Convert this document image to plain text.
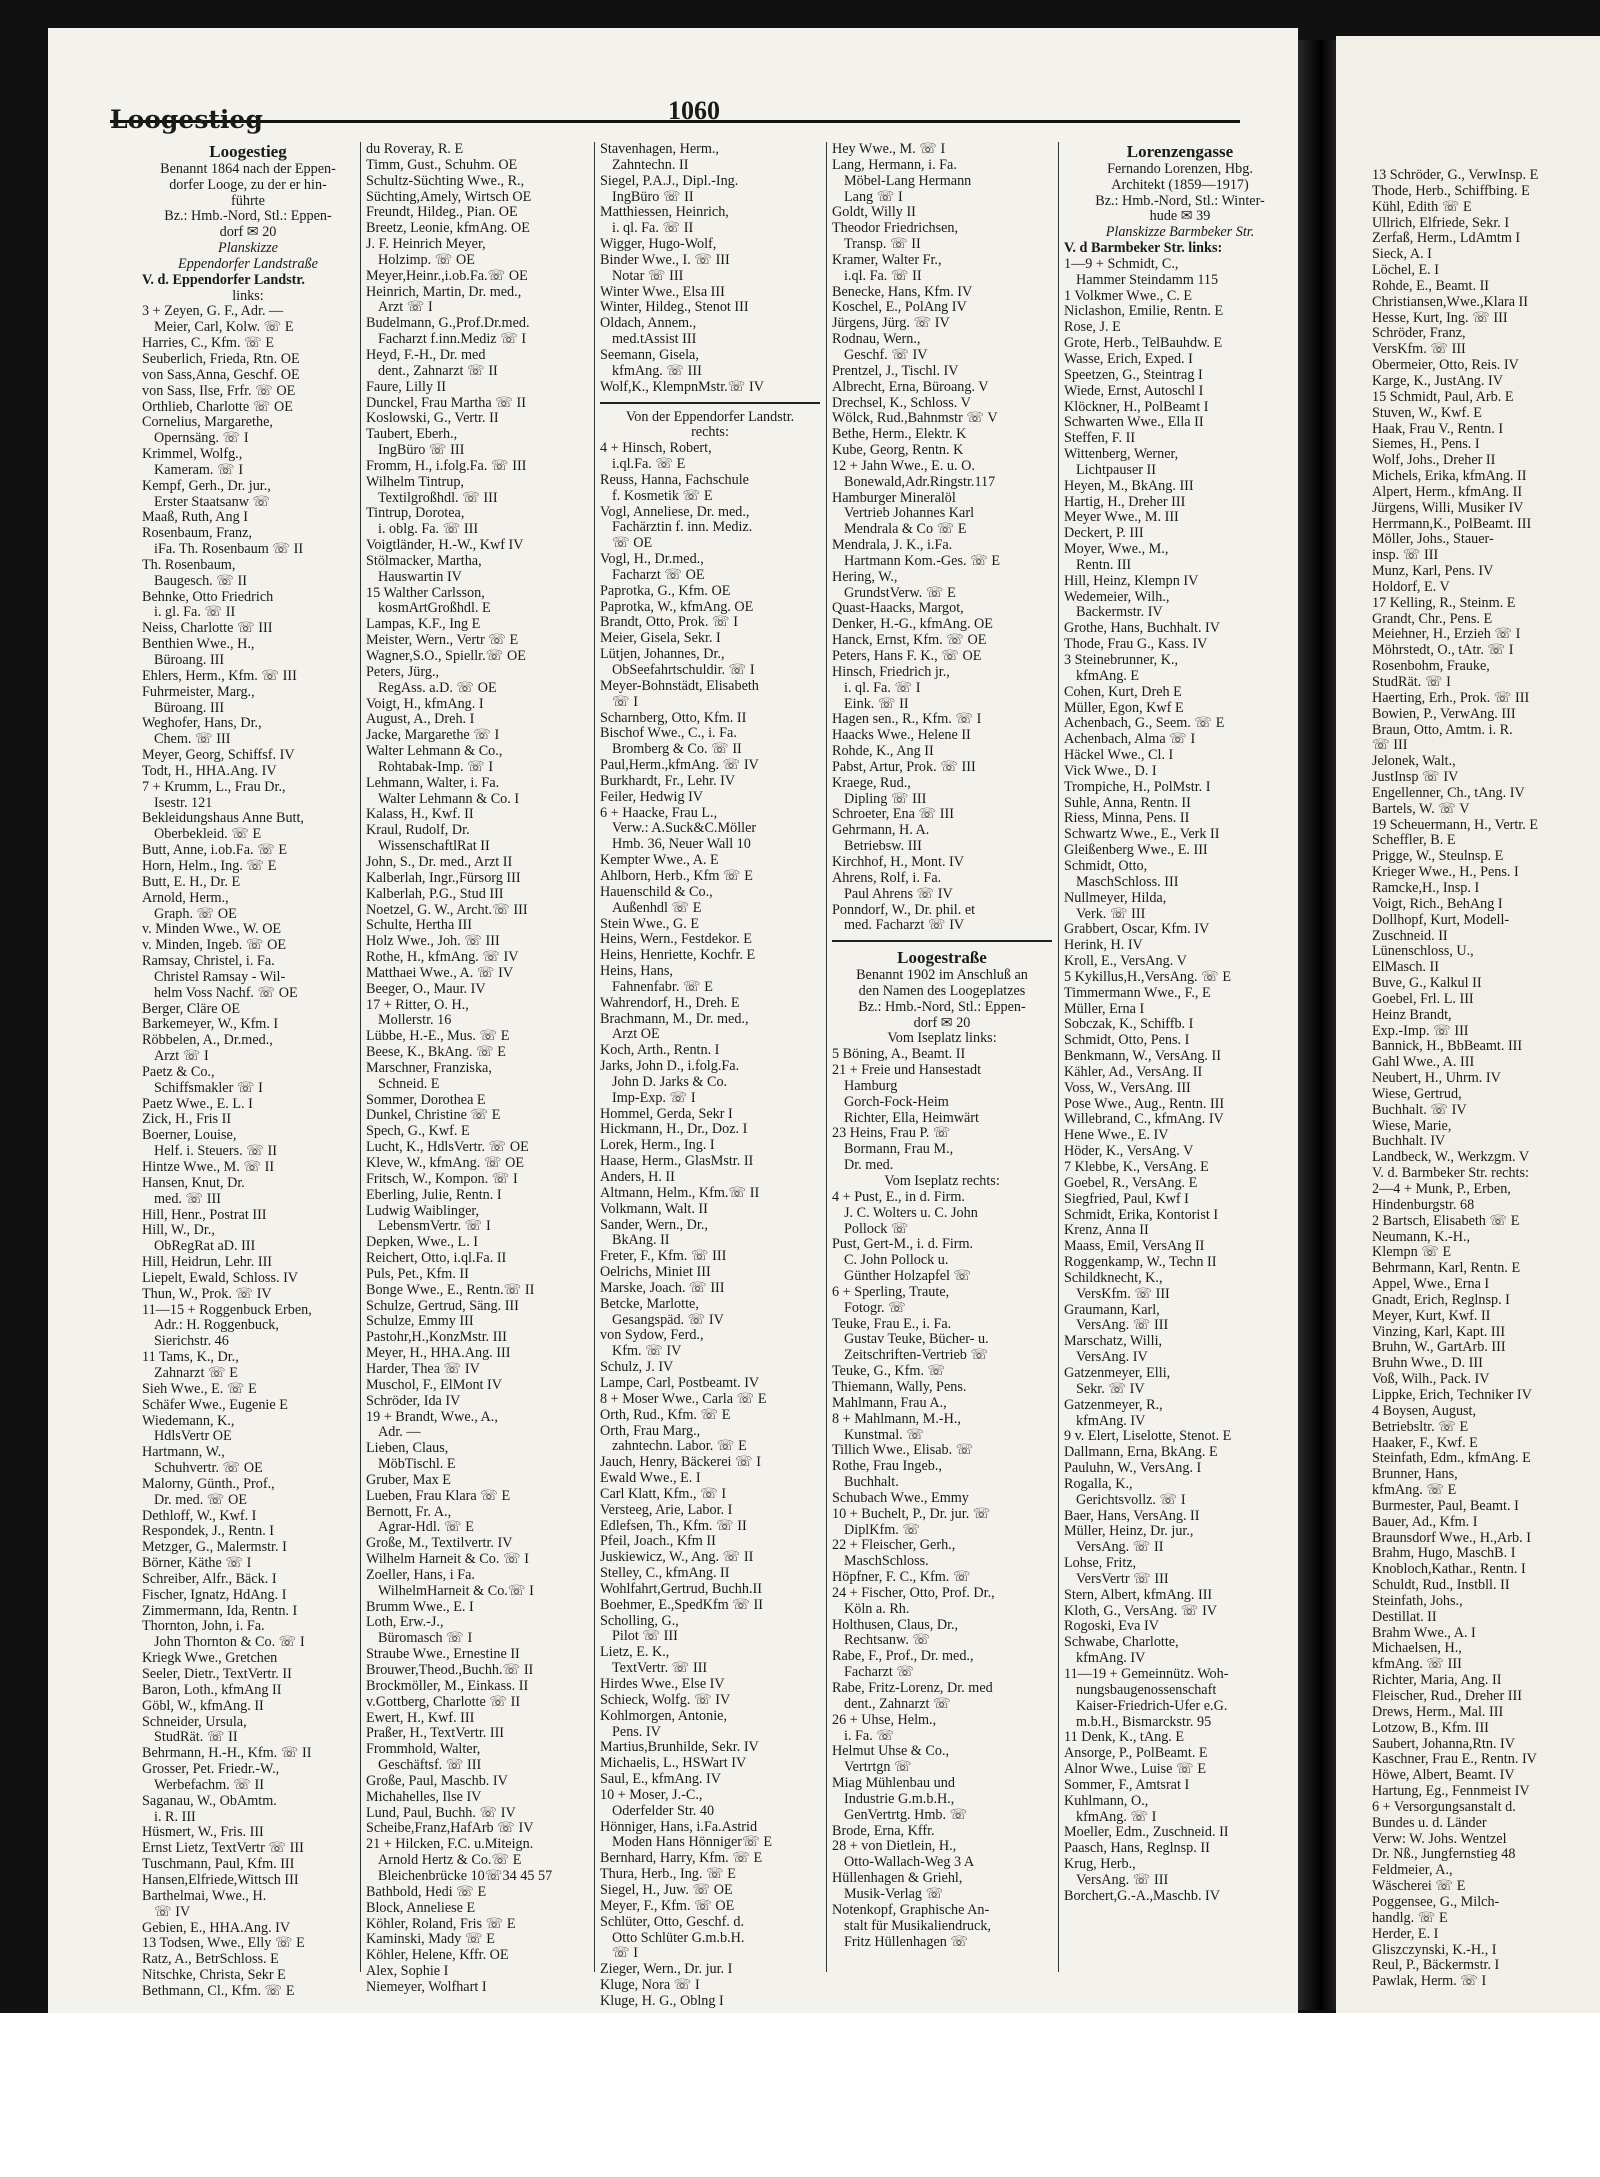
13 Schröder, G., VerwInsp. E
Thode, Herb., Schiffbing. E
Kühl, Edith ☏ E
Ullrich, Elfriede, Sekr. I
Zerfaß, Herm., LdAmtm I
Sieck, A. I
Löchel, E. I
Rohde, E., Beamt. II
Christiansen,Wwe.,Klara II
Hesse, Kurt, Ing. ☏ III
Schröder, Franz,
VersKfm. ☏ III
Obermeier, Otto, Reis. IV
Karge, K., JustAng. IV
15 Schmidt, Paul, Arb. E
Stuven, W., Kwf. E
Haak, Frau V., Rentn. I
Siemes, H., Pens. I
Wolf, Johs., Dreher II
Michels, Erika, kfmAng. II
Alpert, Herm., kfmAng. II
Jürgens, Willi, Musiker IV
Herrmann,K., PolBeamt. III
Möller, Johs., Stauer-
insp. ☏ III
Munz, Karl, Pens. IV
Holdorf, E. V
17 Kelling, R., Steinm. E
Grandt, Chr., Pens. E
Meiehner, H., Erzieh ☏ I
Möhrstedt, O., tAtr. ☏ I
Rosenbohm, Frauke,
StudRät. ☏ I
Haerting, Erh., Prok. ☏ III
Bowien, P., VerwAng. III
Braun, Otto, Amtm. i. R.
☏ III
Jelonek, Walt.,
JustInsp ☏ IV
Engellenner, Ch., tAng. IV
Bartels, W. ☏ V
19 Scheuermann, H., Vertr. E
Scheffler, B. E
Prigge, W., Steulnsp. E
Krieger Wwe., H., Pens. I
Ramcke,H., Insp. I
Voigt, Rich., BehAng I
Dollhopf, Kurt, Modell-
Zuschneid. II
Lünenschloss, U.,
ElMasch. II
Buve, G., Kalkul II
Goebel, Frl. L. III
Heinz Brandt,
Exp.-Imp. ☏ III
Bannick, H., BbBeamt. III
Gahl Wwe., A. III
Neubert, H., Uhrm. IV
Wiese, Gertrud,
Buchhalt. ☏ IV
Wiese, Marie,
Buchhalt. IV
Landbeck, W., Werkzgm. V
V. d. Barmbeker Str. rechts:
2—4 + Munk, P., Erben,
Hindenburgstr. 68
2 Bartsch, Elisabeth ☏ E
Neumann, K.-H.,
Klempn ☏ E
Behrmann, Karl, Rentn. E
Appel, Wwe., Erna I
Gnadt, Erich, Reglnsp. I
Meyer, Kurt, Kwf. II
Vinzing, Karl, Kapt. III
Bruhn, W., GartArb. III
Bruhn Wwe., D. III
Voß, Wilh., Pack. IV
Lippke, Erich, Techniker IV
4 Boysen, August,
Betriebsltr. ☏ E
Haaker, F., Kwf. E
Steinfath, Edm., kfmAng. E
Brunner, Hans,
kfmAng. ☏ E
Burmester, Paul, Beamt. I
Bauer, Ad., Kfm. I
Braunsdorf Wwe., H.,Arb. I
Brahm, Hugo, MaschB. I
Knobloch,Kathar., Rentn. I
Schuldt, Rud., Instbll. II
Steinfath, Johs.,
Destillat. II
Brahm Wwe., A. I
Michaelsen, H.,
kfmAng. ☏ III
Richter, Maria, Ang. II
Fleischer, Rud., Dreher III
Drews, Herm., Mal. III
Lotzow, B., Kfm. III
Saubert, Johanna,Rtn. IV
Kaschner, Frau E., Rentn. IV
Höwe, Albert, Beamt. IV
Hartung, Eg., Fennmeist IV
6 + Versorgungsanstalt d.
Bundes u. d. Länder
Verw: W. Johs. Wentzel
Dr. Nß., Jungfernstieg 48
Feldmeier, A.,
Wäscherei ☏ E
Poggensee, G., Milch-
handlg. ☏ E
Herder, E. I
Gliszczynski, K.-H., I
Reul, P., Bäckermstr. I
Pawlak, Herm. ☏ I
Loogestieg	1060
Loogestieg
Benannt 1864 nach der Eppen-
dorfer Looge, zu der er hin-
führte
Bz.: Hmb.-Nord, Stl.: Eppen-
dorf ✉ 20
Planskizze
Eppendorfer Landstraße
V. d. Eppendorfer Landstr.
links:
3 + Zeyen, G. F., Adr. —
Meier, Carl, Kolw. ☏ E
Harries, C., Kfm. ☏ E
Seuberlich, Frieda, Rtn. OE
von Sass,Anna, Geschf. OE
von Sass, Ilse, Frfr. ☏ OE
Orthlieb, Charlotte ☏ OE
Cornelius, Margarethe,
Opernsäng. ☏ I
Krimmel, Wolfg.,
Kameram. ☏ I
Kempf, Gerh., Dr. jur.,
Erster Staatsanw ☏
Maaß, Ruth, Ang I
Rosenbaum, Franz,
iFa. Th. Rosenbaum ☏ II
Th. Rosenbaum,
Baugesch. ☏ II
Behnke, Otto Friedrich
i. gl. Fa. ☏ II
Neiss, Charlotte ☏ III
Benthien Wwe., H.,
Büroang. III
Ehlers, Herm., Kfm. ☏ III
Fuhrmeister, Marg.,
Büroang. III
Weghofer, Hans, Dr.,
Chem. ☏ III
Meyer, Georg, Schiffsf. IV
Todt, H., HHA.Ang. IV
7 + Krumm, L., Frau Dr.,
Isestr. 121
Bekleidungshaus Anne Butt,
Oberbekleid. ☏ E
Butt, Anne, i.ob.Fa. ☏ E
Horn, Helm., Ing. ☏ E
Butt, E. H., Dr. E
Arnold, Herm.,
Graph. ☏ OE
v. Minden Wwe., W. OE
v. Minden, Ingeb. ☏ OE
Ramsay, Christel, i. Fa.
Christel Ramsay - Wil-
helm Voss Nachf. ☏ OE
Berger, Cläre OE
Barkemeyer, W., Kfm. I
Röbbelen, A., Dr.med.,
Arzt ☏ I
Paetz & Co.,
Schiffsmakler ☏ I
Paetz Wwe., E. L. I
Zick, H., Fris II
Boerner, Louise,
Helf. i. Steuers. ☏ II
Hintze Wwe., M. ☏ II
Hansen, Knut, Dr.
med. ☏ III
Hill, Henr., Postrat III
Hill, W., Dr.,
ObRegRat aD. III
Hill, Heidrun, Lehr. III
Liepelt, Ewald, Schloss. IV
Thun, W., Prok. ☏ IV
11—15 + Roggenbuck Erben,
Adr.: H. Roggenbuck,
Sierichstr. 46
11 Tams, K., Dr.,
Zahnarzt ☏ E
Sieh Wwe., E. ☏ E
Schäfer Wwe., Eugenie E
Wiedemann, K.,
HdlsVertr OE
Hartmann, W.,
Schuhvertr. ☏ OE
Malorny, Günth., Prof.,
Dr. med. ☏ OE
Dethloff, W., Kwf. I
Respondek, J., Rentn. I
Metzger, G., Malermstr. I
Börner, Käthe ☏ I
Schreiber, Alfr., Bäck. I
Fischer, Ignatz, HdAng. I
Zimmermann, Ida, Rentn. I
Thornton, John, i. Fa.
John Thornton & Co. ☏ I
Kriegk Wwe., Gretchen
Seeler, Dietr., TextVertr. II
Baron, Loth., kfmAng II
Göbl, W., kfmAng. II
Schneider, Ursula,
StudRät. ☏ II
Behrmann, H.-H., Kfm. ☏ II
Grosser, Pet. Friedr.-W.,
Werbefachm. ☏ II
Saganau, W., ObAmtm.
i. R. III
Hüsmert, W., Fris. III
Ernst Lietz, TextVertr ☏ III
Tuschmann, Paul, Kfm. III
Hansen,Elfriede,Wittsch III
Barthelmai, Wwe., H.
☏ IV
Gebien, E., HHA.Ang. IV
13 Todsen, Wwe., Elly ☏ E
Ratz, A., BetrSchloss. E
Nitschke, Christa, Sekr E
Bethmann, Cl., Kfm. ☏ E
du Roveray, R. E
Timm, Gust., Schuhm. OE
Schultz-Süchting Wwe., R.,
Süchting,Amely, Wirtsch OE
Freundt, Hildeg., Pian. OE
Breetz, Leonie, kfmAng. OE
J. F. Heinrich Meyer,
Holzimp. ☏ OE
Meyer,Heinr.,i.ob.Fa.☏ OE
Heinrich, Martin, Dr. med.,
Arzt ☏ I
Budelmann, G.,Prof.Dr.med.
Facharzt f.inn.Mediz ☏ I
Heyd, F.-H., Dr. med
dent., Zahnarzt ☏ II
Faure, Lilly II
Dunckel, Frau Martha ☏ II
Koslowski, G., Vertr. II
Taubert, Eberh.,
IngBüro ☏ III
Fromm, H., i.folg.Fa. ☏ III
Wilhelm Tintrup,
Textilgroßhdl. ☏ III
Tintrup, Dorotea,
i. oblg. Fa. ☏ III
Voigtländer, H.-W., Kwf IV
Stölmacker, Martha,
Hauswartin IV
15 Walther Carlsson,
kosmArtGroßhdl. E
Lampas, K.F., Ing E
Meister, Wern., Vertr ☏ E
Wagner,S.O., Spiellr.☏ OE
Peters, Jürg.,
RegAss. a.D. ☏ OE
Voigt, H., kfmAng. I
August, A., Dreh. I
Jacke, Margarethe ☏ I
Walter Lehmann & Co.,
Rohtabak-Imp. ☏ I
Lehmann, Walter, i. Fa.
Walter Lehmann & Co. I
Kalass, H., Kwf. II
Kraul, Rudolf, Dr.
WissenschaftlRat II
John, S., Dr. med., Arzt II
Kalberlah, Ingr.,Fürsorg III
Kalberlah, P.G., Stud III
Noetzel, G. W., Archt.☏ III
Schulte, Hertha III
Holz Wwe., Joh. ☏ III
Rothe, H., kfmAng. ☏ IV
Matthaei Wwe., A. ☏ IV
Beeger, O., Maur. IV
17 + Ritter, O. H.,
Mollerstr. 16
Lübbe, H.-E., Mus. ☏ E
Beese, K., BkAng. ☏ E
Marschner, Franziska,
Schneid. E
Sommer, Dorothea E
Dunkel, Christine ☏ E
Spech, G., Kwf. E
Lucht, K., HdlsVertr. ☏ OE
Kleve, W., kfmAng. ☏ OE
Fritsch, W., Kompon. ☏ I
Eberling, Julie, Rentn. I
Ludwig Waiblinger,
LebensmVertr. ☏ I
Depken, Wwe., L. I
Reichert, Otto, i.ql.Fa. II
Puls, Pet., Kfm. II
Bonge Wwe., E., Rentn.☏ II
Schulze, Gertrud, Säng. III
Schulze, Emmy III
Pastohr,H.,KonzMstr. III
Meyer, H., HHA.Ang. III
Harder, Thea ☏ IV
Muschol, F., ElMont IV
Schröder, Ida IV
19 + Brandt, Wwe., A.,
Adr. —
Lieben, Claus,
MöbTischl. E
Gruber, Max E
Lueben, Frau Klara ☏ E
Bernott, Fr. A.,
Agrar-Hdl. ☏ E
Große, M., Textilvertr. IV
Wilhelm Harneit & Co. ☏ I
Zoeller, Hans, i Fa.
WilhelmHarneit & Co.☏ I
Brumm Wwe., E. I
Loth, Erw.-J.,
Büromasch ☏ I
Straube Wwe., Ernestine II
Brouwer,Theod.,Buchh.☏ II
Brockmöller, M., Einkass. II
v.Gottberg, Charlotte ☏ II
Ewert, H., Kwf. III
Praßer, H., TextVertr. III
Frommhold, Walter,
Geschäftsf. ☏ III
Große, Paul, Maschb. IV
Michahelles, Ilse IV
Lund, Paul, Buchh. ☏ IV
Scheibe,Franz,HafArb ☏ IV
21 + Hilcken, F.C. u.Miteign.
Arnold Hertz & Co.☏ E
Bleichenbrücke 10☏34 45 57
Bathbold, Hedi ☏ E
Block, Anneliese E
Köhler, Roland, Fris ☏ E
Kaminski, Mady ☏ E
Köhler, Helene, Kffr. OE
Alex, Sophie I
Niemeyer, Wolfhart I
Stavenhagen, Herm.,
Zahntechn. II
Siegel, P.A.J., Dipl.-Ing.
IngBüro ☏ II
Matthiessen, Heinrich,
i. ql. Fa. ☏ II
Wigger, Hugo-Wolf,
Binder Wwe., I. ☏ III
Notar ☏ III
Winter Wwe., Elsa III
Winter, Hildeg., Stenot III
Oldach, Annem.,
med.tAssist III
Seemann, Gisela,
kfmAng. ☏ III
Wolf,K., KlempnMstr.☏ IV
Von der Eppendorfer Landstr.
rechts:
4 + Hinsch, Robert,
i.ql.Fa. ☏ E
Reuss, Hanna, Fachschule
f. Kosmetik ☏ E
Vogl, Anneliese, Dr. med.,
Fachärztin f. inn. Mediz.
☏ OE
Vogl, H., Dr.med.,
Facharzt ☏ OE
Paprotka, G., Kfm. OE
Paprotka, W., kfmAng. OE
Brandt, Otto, Prok. ☏ I
Meier, Gisela, Sekr. I
Lütjen, Johannes, Dr.,
ObSeefahrtschuldir. ☏ I
Meyer-Bohnstädt, Elisabeth
☏ I
Scharnberg, Otto, Kfm. II
Bischof Wwe., C., i. Fa.
Bromberg & Co. ☏ II
Paul,Herm.,kfmAng. ☏ IV
Burkhardt, Fr., Lehr. IV
Feiler, Hedwig IV
6 + Haacke, Frau L.,
Verw.: A.Suck&C.Möller
Hmb. 36, Neuer Wall 10
Kempter Wwe., A. E
Ahlborn, Herb., Kfm ☏ E
Hauenschild & Co.,
Außenhdl ☏ E
Stein Wwe., G. E
Heins, Wern., Festdekor. E
Heins, Henriette, Kochfr. E
Heins, Hans,
Fahnenfabr. ☏ E
Wahrendorf, H., Dreh. E
Brachmann, M., Dr. med.,
Arzt OE
Koch, Arth., Rentn. I
Jarks, John D., i.folg.Fa.
John D. Jarks & Co.
Imp-Exp. ☏ I
Hommel, Gerda, Sekr I
Hickmann, H., Dr., Doz. I
Lorek, Herm., Ing. I
Haase, Herm., GlasMstr. II
Anders, H. II
Altmann, Helm., Kfm.☏ II
Volkmann, Walt. II
Sander, Wern., Dr.,
BkAng. II
Freter, F., Kfm. ☏ III
Oelrichs, Miniet III
Marske, Joach. ☏ III
Betcke, Marlotte,
Gesangspäd. ☏ IV
von Sydow, Ferd.,
Kfm. ☏ IV
Schulz, J. IV
Lampe, Carl, Postbeamt. IV
8 + Moser Wwe., Carla ☏ E
Orth, Rud., Kfm. ☏ E
Orth, Frau Marg.,
zahntechn. Labor. ☏ E
Jauch, Henry, Bäckerei ☏ I
Ewald Wwe., E. I
Carl Klatt, Kfm., ☏ I
Versteeg, Arie, Labor. I
Edlefsen, Th., Kfm. ☏ II
Pfeil, Joach., Kfm II
Juskiewicz, W., Ang. ☏ II
Stelley, C., kfmAng. II
Wohlfahrt,Gertrud, Buchh.II
Boehmer, E.,SpedKfm ☏ II
Scholling, G.,
Pilot ☏ III
Lietz, E. K.,
TextVertr. ☏ III
Hirdes Wwe., Else IV
Schieck, Wolfg. ☏ IV
Kohlmorgen, Antonie,
Pens. IV
Martius,Brunhilde, Sekr. IV
Michaelis, L., HSWart IV
Saul, E., kfmAng. IV
10 + Moser, J.-C.,
Oderfelder Str. 40
Hönniger, Hans, i.Fa.Astrid
Moden Hans Hönniger☏ E
Bernhard, Harry, Kfm. ☏ E
Thura, Herb., Ing. ☏ E
Siegel, H., Juw. ☏ OE
Meyer, F., Kfm. ☏ OE
Schlüter, Otto, Geschf. d.
Otto Schlüter G.m.b.H.
☏ I
Zieger, Wern., Dr. jur. I
Kluge, Nora ☏ I
Kluge, H. G., Oblng I
Hey Wwe., M. ☏ I
Lang, Hermann, i. Fa.
Möbel-Lang Hermann
Lang ☏ I
Goldt, Willy II
Theodor Friedrichsen,
Transp. ☏ II
Kramer, Walter Fr.,
i.ql. Fa. ☏ II
Benecke, Hans, Kfm. IV
Koschel, E., PolAng IV
Jürgens, Jürg. ☏ IV
Rodnau, Wern.,
Geschf. ☏ IV
Prentzel, J., Tischl. IV
Albrecht, Erna, Büroang. V
Drechsel, K., Schloss. V
Wölck, Rud.,Bahnmstr ☏ V
Bethe, Herm., Elektr. K
Kube, Georg, Rentn. K
12 + Jahn Wwe., E. u. O.
Bonewald,Adr.Ringstr.117
Hamburger Mineralöl
Vertrieb Johannes Karl
Mendrala & Co ☏ E
Mendrala, J. K., i.Fa.
Hartmann Kom.-Ges. ☏ E
Hering, W.,
GrundstVerw. ☏ E
Quast-Haacks, Margot,
Denker, H.-G., kfmAng. OE
Hanck, Ernst, Kfm. ☏ OE
Peters, Hans F. K., ☏ OE
Hinsch, Friedrich jr.,
i. ql. Fa. ☏ I
Eink. ☏ II
Hagen sen., R., Kfm. ☏ I
Haacks Wwe., Helene II
Rohde, K., Ang II
Pabst, Artur, Prok. ☏ III
Kraege, Rud.,
Dipling ☏ III
Schroeter, Ena ☏ III
Gehrmann, H. A.
Betriebsw. III
Kirchhof, H., Mont. IV
Ahrens, Rolf, i. Fa.
Paul Ahrens ☏ IV
Ponndorf, W., Dr. phil. et
med. Facharzt ☏ IV
Loogestraße
Benannt 1902 im Anschluß an
den Namen des Loogeplatzes
Bz.: Hmb.-Nord, Stl.: Eppen-
dorf ✉ 20
Vom Iseplatz links:
5 Böning, A., Beamt. II
21 + Freie und Hansestadt
Hamburg
Gorch-Fock-Heim
Richter, Ella, Heimwärt
23 Heins, Frau P. ☏
Bormann, Frau M.,
Dr. med.
Vom Iseplatz rechts:
4 + Pust, E., in d. Firm.
J. C. Wolters u. C. John
Pollock ☏
Pust, Gert-M., i. d. Firm.
C. John Pollock u.
Günther Holzapfel ☏
6 + Sperling, Traute,
Fotogr. ☏
Teuke, Frau E., i. Fa.
Gustav Teuke, Bücher- u.
Zeitschriften-Vertrieb ☏
Teuke, G., Kfm. ☏
Thiemann, Wally, Pens.
Mahlmann, Frau A.,
8 + Mahlmann, M.-H.,
Kunstmal. ☏
Tillich Wwe., Elisab. ☏
Rothe, Frau Ingeb.,
Buchhalt.
Schubach Wwe., Emmy
10 + Buchelt, P., Dr. jur. ☏
DiplKfm. ☏
22 + Fleischer, Gerh.,
MaschSchloss.
Höpfner, F. C., Kfm. ☏
24 + Fischer, Otto, Prof. Dr.,
Köln a. Rh.
Holthusen, Claus, Dr.,
Rechtsanw. ☏
Rabe, F., Prof., Dr. med.,
Facharzt ☏
Rabe, Fritz-Lorenz, Dr. med
dent., Zahnarzt ☏
26 + Uhse, Helm.,
i. Fa. ☏
Helmut Uhse & Co.,
Vertrtgn ☏
Miag Mühlenbau und
Industrie G.m.b.H.,
GenVertrtg. Hmb. ☏
Brode, Erna, Kffr.
28 + von Dietlein, H.,
Otto-Wallach-Weg 3 A
Hüllenhagen & Griehl,
Musik-Verlag ☏
Notenkopf, Graphische An-
stalt für Musikaliendruck,
Fritz Hüllenhagen ☏
Lorenzengasse
Fernando Lorenzen, Hbg.
Architekt (1859—1917)
Bz.: Hmb.-Nord, Stl.: Winter-
hude ✉ 39
Planskizze Barmbeker Str.
V. d Barmbeker Str. links:
1—9 + Schmidt, C.,
Hammer Steindamm 115
1 Volkmer Wwe., C. E
Niclashon, Emilie, Rentn. E
Rose, J. E
Grote, Herb., TelBauhdw. E
Wasse, Erich, Exped. I
Speetzen, G., Steintrag I
Wiede, Ernst, Autoschl I
Klöckner, H., PolBeamt I
Schwarten Wwe., Ella II
Steffen, F. II
Wittenberg, Werner,
Lichtpauser II
Heyen, M., BkAng. III
Hartig, H., Dreher III
Meyer Wwe., M. III
Deckert, P. III
Moyer, Wwe., M.,
Rentn. III
Hill, Heinz, Klempn IV
Wedemeier, Wilh.,
Backermstr. IV
Grothe, Hans, Buchhalt. IV
Thode, Frau G., Kass. IV
3 Steinebrunner, K.,
kfmAng. E
Cohen, Kurt, Dreh E
Müller, Egon, Kwf E
Achenbach, G., Seem. ☏ E
Achenbach, Alma ☏ I
Häckel Wwe., Cl. I
Vick Wwe., D. I
Trompiche, H., PolMstr. I
Suhle, Anna, Rentn. II
Riess, Minna, Pens. II
Schwartz Wwe., E., Verk II
Gleißenberg Wwe., E. III
Schmidt, Otto,
MaschSchloss. III
Nullmeyer, Hilda,
Verk. ☏ III
Grabbert, Oscar, Kfm. IV
Herink, H. IV
Kroll, E., VersAng. V
5 Kykillus,H.,VersAng. ☏ E
Timmermann Wwe., F., E
Müller, Erna I
Sobczak, K., Schiffb. I
Schmidt, Otto, Pens. I
Benkmann, W., VersAng. II
Kähler, Ad., VersAng. II
Voss, W., VersAng. III
Pose Wwe., Aug., Rentn. III
Willebrand, C., kfmAng. IV
Hene Wwe., E. IV
Höder, K., VersAng. V
7 Klebbe, K., VersAng. E
Goebel, R., VersAng. E
Siegfried, Paul, Kwf I
Schmidt, Erika, Kontorist I
Krenz, Anna II
Maass, Emil, VersAng II
Roggenkamp, W., Techn II
Schildknecht, K.,
VersKfm. ☏ III
Graumann, Karl,
VersAng. ☏ III
Marschatz, Willi,
VersAng. IV
Gatzenmeyer, Elli,
Sekr. ☏ IV
Gatzenmeyer, R.,
kfmAng. IV
9 v. Elert, Liselotte, Stenot. E
Dallmann, Erna, BkAng. E
Pauluhn, W., VersAng. I
Rogalla, K.,
Gerichtsvollz. ☏ I
Baer, Hans, VersAng. II
Müller, Heinz, Dr. jur.,
VersAng. ☏ II
Lohse, Fritz,
VersVertr ☏ III
Stern, Albert, kfmAng. III
Kloth, G., VersAng. ☏ IV
Rogoski, Eva IV
Schwabe, Charlotte,
kfmAng. IV
11—19 + Gemeinnütz. Woh-
nungsbaugenossenschaft
Kaiser-Friedrich-Ufer e.G.
m.b.H., Bismarckstr. 95
11 Denk, K., tAng. E
Ansorge, P., PolBeamt. E
Alnor Wwe., Luise ☏ E
Sommer, F., Amtsrat I
Kuhlmann, O.,
kfmAng. ☏ I
Moeller, Edm., Zuschneid. II
Paasch, Hans, Reglnsp. II
Krug, Herb.,
VersAng. ☏ III
Borchert,G.-A.,Maschb. IV
